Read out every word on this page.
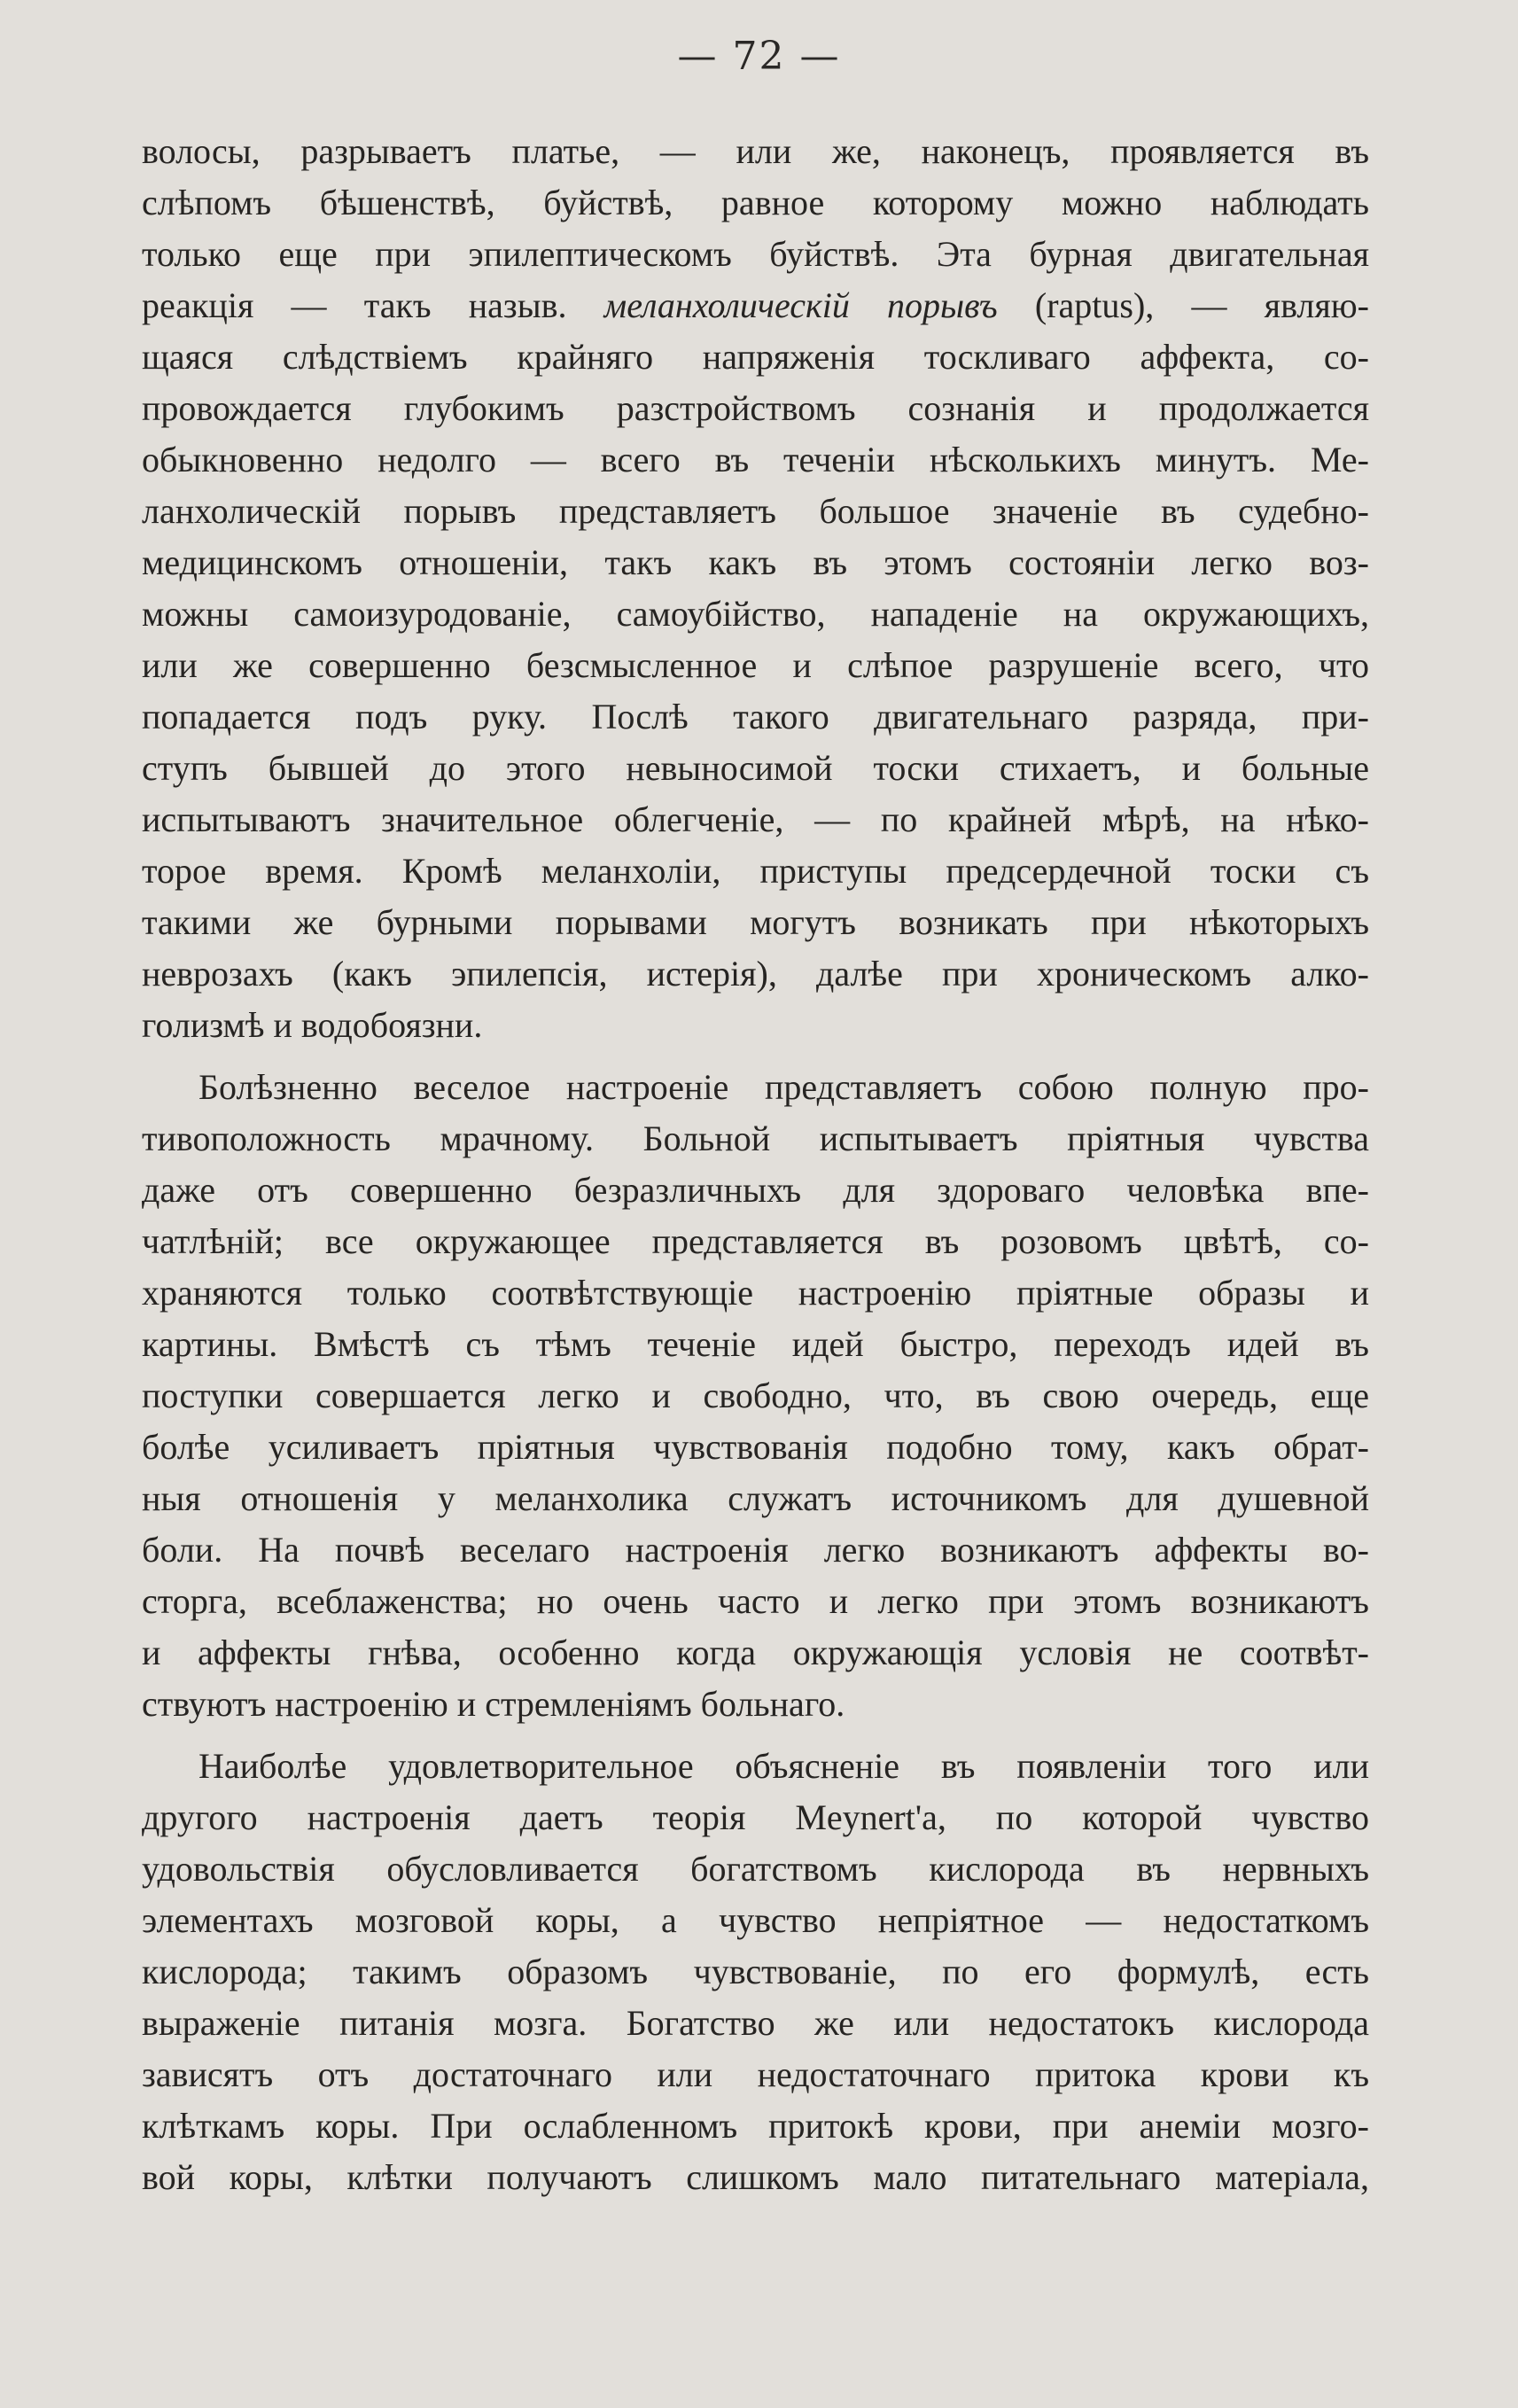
— 72 —
волосы, разрываетъ платье, — или же, наконецъ, проявляется въ
слѣпомъ бѣшенствѣ, буйствѣ, равное которому можно наблюдать
только еще при эпилептическомъ буйствѣ. Эта бурная двигательная
реакція — такъ назыв. меланхолическій порывъ (raptus), — являю-
щаяся слѣдствіемъ крайняго напряженія тоскливаго аффекта, со-
провождается глубокимъ разстройствомъ сознанія и продолжается
обыкновенно недолго — всего въ теченіи нѣсколькихъ минутъ. Ме-
ланхолическій порывъ представляетъ большое значеніе въ судебно-
медицинскомъ отношеніи, такъ какъ въ этомъ состояніи легко воз-
можны самоизуродованіе, самоубійство, нападеніе на окружающихъ,
или же совершенно безсмысленное и слѣпое разрушеніе всего, что
попадается подъ руку. Послѣ такого двигательнаго разряда, при-
ступъ бывшей до этого невыносимой тоски стихаетъ, и больные
испытываютъ значительное облегченіе, — по крайней мѣрѣ, на нѣко-
торое время. Кромѣ меланхоліи, приступы предсердечной тоски съ
такими же бурными порывами могутъ возникать при нѣкоторыхъ
неврозахъ (какъ эпилепсія, истерія), далѣе при хроническомъ алко-
голизмѣ и водобоязни.
Болѣзненно веселое настроеніе представляетъ собою полную про-
тивоположность мрачному. Больной испытываетъ пріятныя чувства
даже отъ совершенно безразличныхъ для здороваго человѣка впе-
чатлѣній; все окружающее представляется въ розовомъ цвѣтѣ, со-
храняются только соотвѣтствующіе настроенію пріятные образы и
картины. Вмѣстѣ съ тѣмъ теченіе идей быстро, переходъ идей въ
поступки совершается легко и свободно, что, въ свою очередь, еще
болѣе усиливаетъ пріятныя чувствованія подобно тому, какъ обрат-
ныя отношенія у меланхолика служатъ источникомъ для душевной
боли. На почвѣ веселаго настроенія легко возникаютъ аффекты во-
сторга, всеблаженства; но очень часто и легко при этомъ возникаютъ
и аффекты гнѣва, особенно когда окружающія условія не соотвѣт-
ствуютъ настроенію и стремленіямъ больнаго.
Наиболѣе удовлетворительное объясненіе въ появленіи того или
другого настроенія даетъ теорія Meynert'а, по которой чувство
удовольствія обусловливается богатствомъ кислорода въ нервныхъ
элементахъ мозговой коры, а чувство непріятное — недостаткомъ
кислорода; такимъ образомъ чувствованіе, по его формулѣ, есть
выраженіе питанія мозга. Богатство же или недостатокъ кислорода
зависятъ отъ достаточнаго или недостаточнаго притока крови къ
клѣткамъ коры. При ослабленномъ притокѣ крови, при анеміи мозго-
вой коры, клѣтки получаютъ слишкомъ мало питательнаго матеріала,
